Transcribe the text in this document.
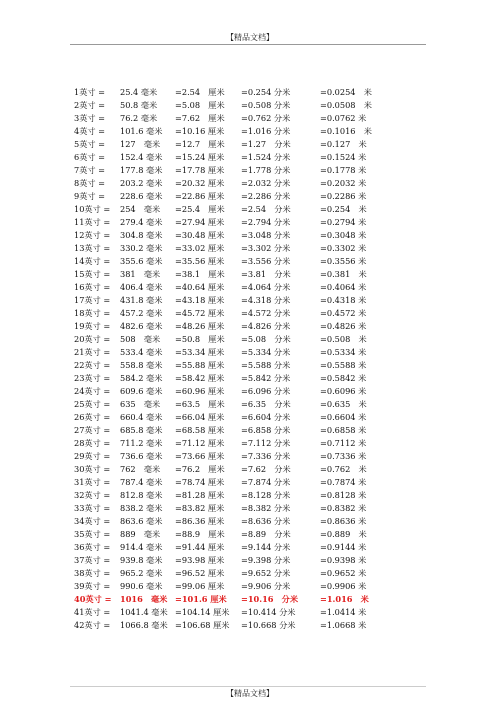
【精品文档】
1英寸 = 25.4 毫米 =2.54　厘米 =0.254 分米	=0.0254　米
2英寸 = 50.8 毫米 =5.08　厘米 =0.508 分米	=0.0508　米
3英寸 = 76.2 毫米 =7.62　厘米 =0.762 分米	=0.0762 米
4英寸 = 101.6 毫米 =10.16 厘米 =1.016 分米	=0.1016　米
5英寸 = 127　毫米 =12.7　厘米 =1.27　分米	=0.127　米
6英寸 = 152.4 毫米 =15.24 厘米 =1.524 分米	=0.1524 米
7英寸 = 177.8 毫米 =17.78 厘米 =1.778 分米	=0.1778 米
8英寸 = 203.2 毫米 =20.32 厘米 =2.032 分米	=0.2032 米
9英寸 = 228.6 毫米 =22.86 厘米 =2.286 分米	=0.2286 米
10英寸 = 254　毫米 =25.4　厘米 =2.54　分米	=0.254　米
11英寸 = 279.4 毫米 =27.94 厘米 =2.794 分米	=0.2794 米
12英寸 = 304.8 毫米 =30.48 厘米 =3.048 分米	=0.3048 米
13英寸 = 330.2 毫米 =33.02 厘米 =3.302 分米	=0.3302 米
14英寸 = 355.6 毫米 =35.56 厘米 =3.556 分米	=0.3556 米
15英寸 = 381　毫米 =38.1　厘米 =3.81　分米	=0.381　米
16英寸 = 406.4 毫米 =40.64 厘米 =4.064 分米	=0.4064 米
17英寸 = 431.8 毫米 =43.18 厘米 =4.318 分米	=0.4318 米
18英寸 = 457.2 毫米 =45.72 厘米 =4.572 分米	=0.4572 米
19英寸 = 482.6 毫米 =48.26 厘米 =4.826 分米	=0.4826 米
20英寸 = 508　毫米 =50.8　厘米 =5.08　分米	=0.508　米
21英寸 = 533.4 毫米 =53.34 厘米 =5.334 分米	=0.5334 米
22英寸 = 558.8 毫米 =55.88 厘米 =5.588 分米	=0.5588 米
23英寸 = 584.2 毫米 =58.42 厘米 =5.842 分米	=0.5842 米
24英寸 = 609.6 毫米 =60.96 厘米 =6.096 分米	=0.6096 米
25英寸 = 635　毫米 =63.5　厘米 =6.35　分米	=0.635　米
26英寸 = 660.4 毫米 =66.04 厘米 =6.604 分米	=0.6604 米
27英寸 = 685.8 毫米 =68.58 厘米 =6.858 分米	=0.6858 米
28英寸 = 711.2 毫米 =71.12 厘米 =7.112 分米	=0.7112 米
29英寸 = 736.6 毫米 =73.66 厘米 =7.336 分米	=0.7336 米
30英寸 = 762　毫米 =76.2　厘米 =7.62　分米	=0.762　米
31英寸 = 787.4 毫米 =78.74 厘米 =7.874 分米	=0.7874 米
32英寸 = 812.8 毫米 =81.28 厘米 =8.128 分米	=0.8128 米
33英寸 = 838.2 毫米 =83.82 厘米 =8.382 分米	=0.8382 米
34英寸 = 863.6 毫米 =86.36 厘米 =8.636 分米	=0.8636 米
35英寸 = 889　毫米 =88.9　厘米 =8.89　分米	=0.889　米
36英寸 = 914.4 毫米 =91.44 厘米 =9.144 分米	=0.9144 米
37英寸 = 939.8 毫米 =93.98 厘米 =9.398 分米	=0.9398 米
38英寸 = 965.2 毫米 =96.52 厘米 =9.652 分米	=0.9652 米
39英寸 = 990.6 毫米 =99.06 厘米 =9.906 分米	=0.9906 米
40英寸 = 1016　毫米 =101.6 厘米 =10.16　分米	=1.016　米
41英寸 = 1041.4 毫米 =104.14 厘米 =10.414 分米	=1.0414 米
42英寸 = 1066.8 毫米 =106.68 厘米 =10.668 分米	=1.0668 米
【精品文档】
